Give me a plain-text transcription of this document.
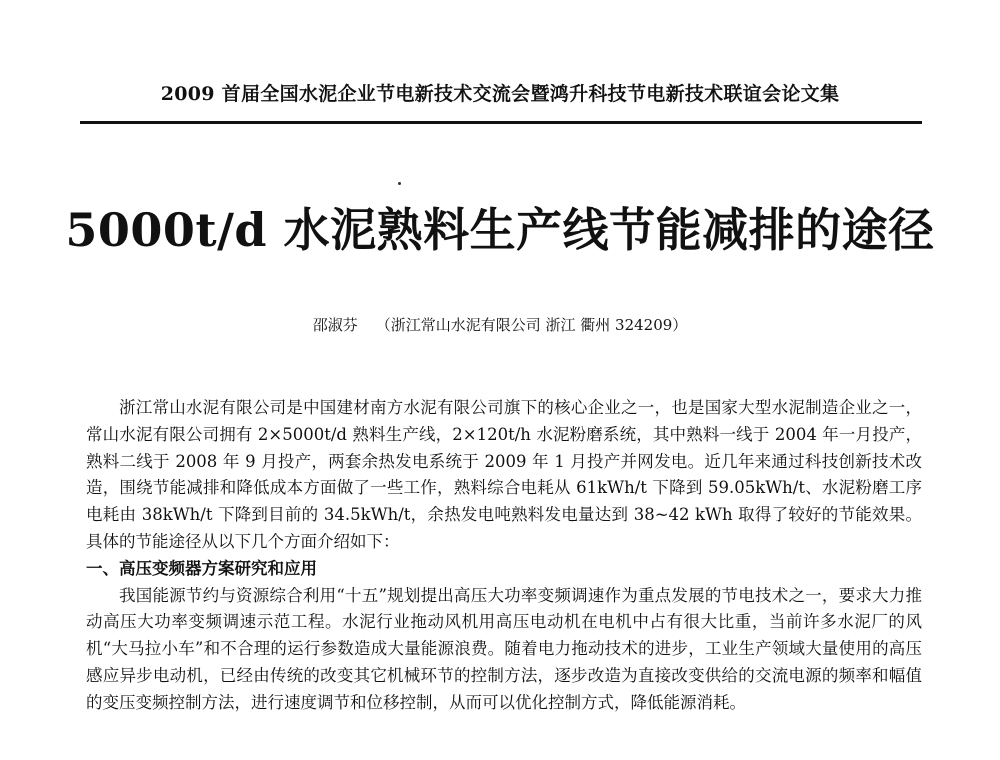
2009 首届全国水泥企业节电新技术交流会暨鸿升科技节电新技术联谊会论文集
5000t/d 水泥熟料生产线节能减排的途径
邵淑芬 （浙江常山水泥有限公司 浙江 衢州 324209）

浙江常山水泥有限公司是中国建材南方水泥有限公司旗下的核心企业之一，也是国家大型水泥制造企业之一，常山水泥有限公司拥有 2×5000t/d 熟料生产线，2×120t/h 水泥粉磨系统，其中熟料一线于 2004 年一月投产，熟料二线于 2008 年 9 月投产，两套余热发电系统于 2009 年 1 月投产并网发电。近几年来通过科技创新技术改造，围绕节能减排和降低成本方面做了一些工作，熟料综合电耗从 61kWh/t 下降到 59.05kWh/t、水泥粉磨工序电耗由 38kWh/t 下降到目前的 34.5kWh/t，余热发电吨熟料发电量达到 38~42 kWh 取得了较好的节能效果。具体的节能途径从以下几个方面介绍如下：

一、高压变频器方案研究和应用

我国能源节约与资源综合利用“十五”规划提出高压大功率变频调速作为重点发展的节电技术之一，要求大力推动高压大功率变频调速示范工程。水泥行业拖动风机用高压电动机在电机中占有很大比重，当前许多水泥厂的风机“大马拉小车”和不合理的运行参数造成大量能源浪费。随着电力拖动技术的进步，工业生产领域大量使用的高压感应异步电动机，已经由传统的改变其它机械环节的控制方法，逐步改造为直接改变供给的交流电源的频率和幅值的变压变频控制方法，进行速度调节和位移控制，从而可以优化控制方式，降低能源消耗。
